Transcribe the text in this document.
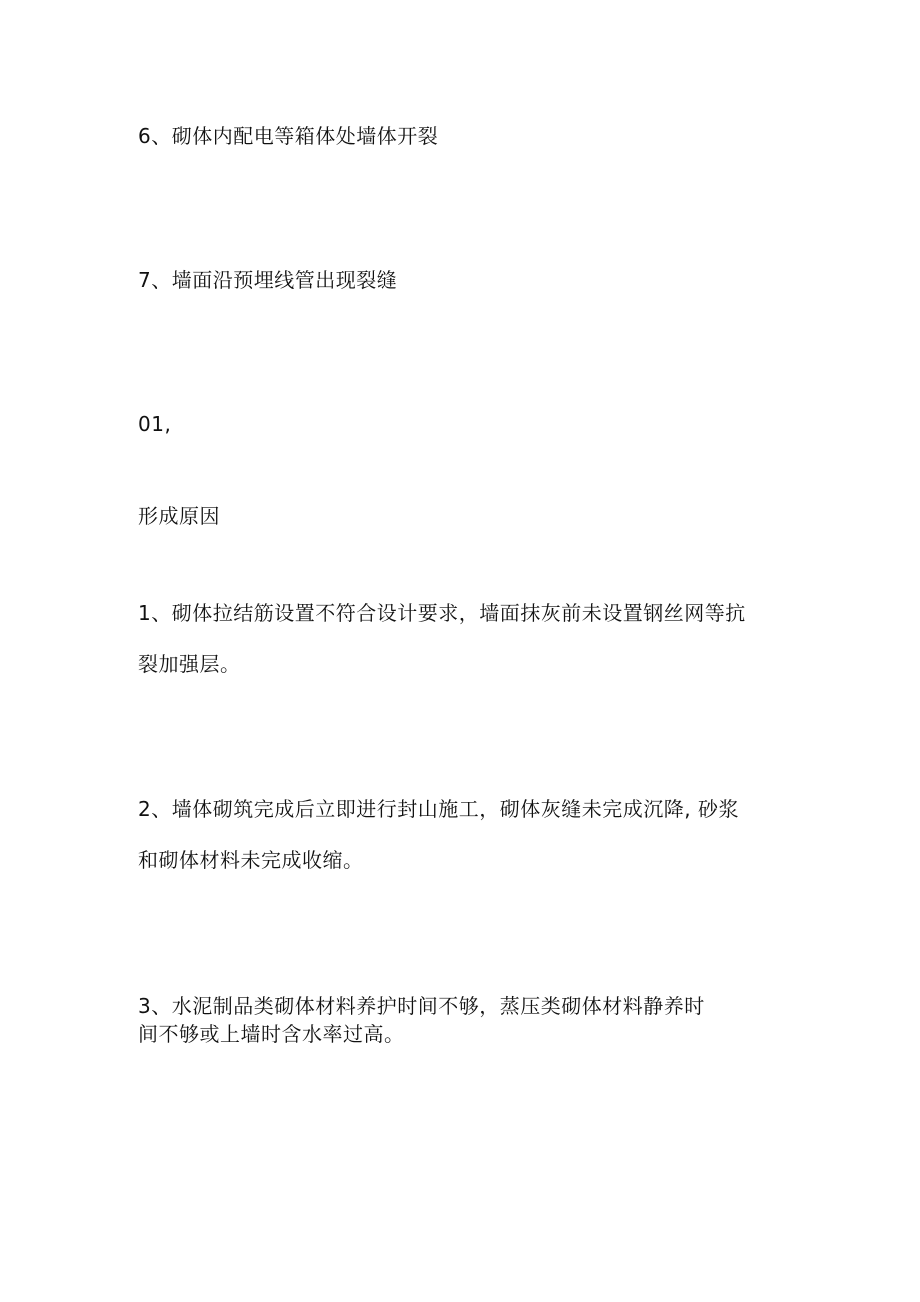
6、砌体内配电等箱体处墙体开裂
7、墙面沿预埋线管出现裂缝
01,
形成原因
1、砌体拉结筋设置不符合设计要求，墙面抹灰前未设置钢丝网等抗
裂加强层。
2、墙体砌筑完成后立即进行封山施工，砌体灰缝未完成沉降, 砂浆
和砌体材料未完成收缩。
3、水泥制品类砌体材料养护时间不够，蒸压类砌体材料静养时
间不够或上墙时含水率过高。
